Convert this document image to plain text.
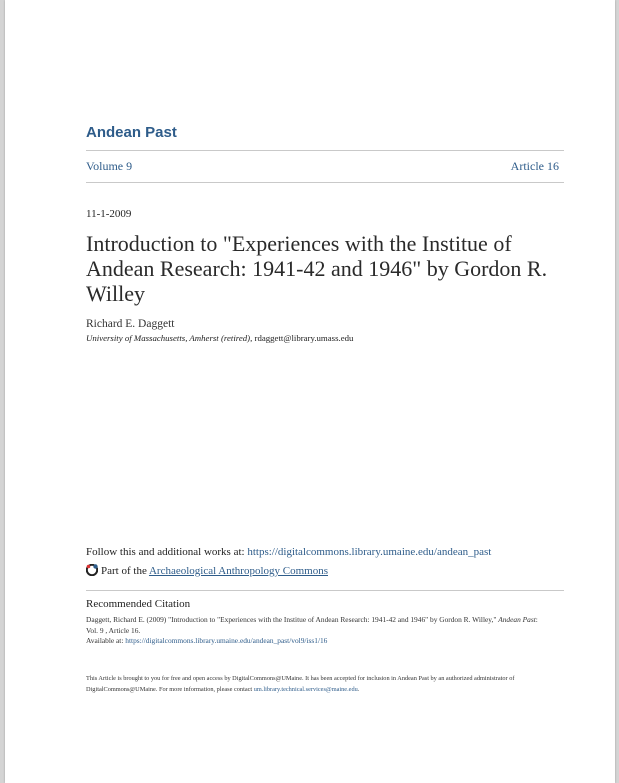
Andean Past
Volume 9	Article 16
11-1-2009
Introduction to "Experiences with the Institue of Andean Research: 1941-42 and 1946" by Gordon R. Willey
Richard E. Daggett
University of Massachusetts, Amherst (retired), rdaggett@library.umass.edu
Follow this and additional works at: https://digitalcommons.library.umaine.edu/andean_past
Part of the Archaeological Anthropology Commons
Recommended Citation
Daggett, Richard E. (2009) "Introduction to "Experiences with the Institue of Andean Research: 1941-42 and 1946" by Gordon R. Willey," Andean Past: Vol. 9 , Article 16.
Available at: https://digitalcommons.library.umaine.edu/andean_past/vol9/iss1/16
This Article is brought to you for free and open access by DigitalCommons@UMaine. It has been accepted for inclusion in Andean Past by an authorized administrator of DigitalCommons@UMaine. For more information, please contact um.library.technical.services@maine.edu.
